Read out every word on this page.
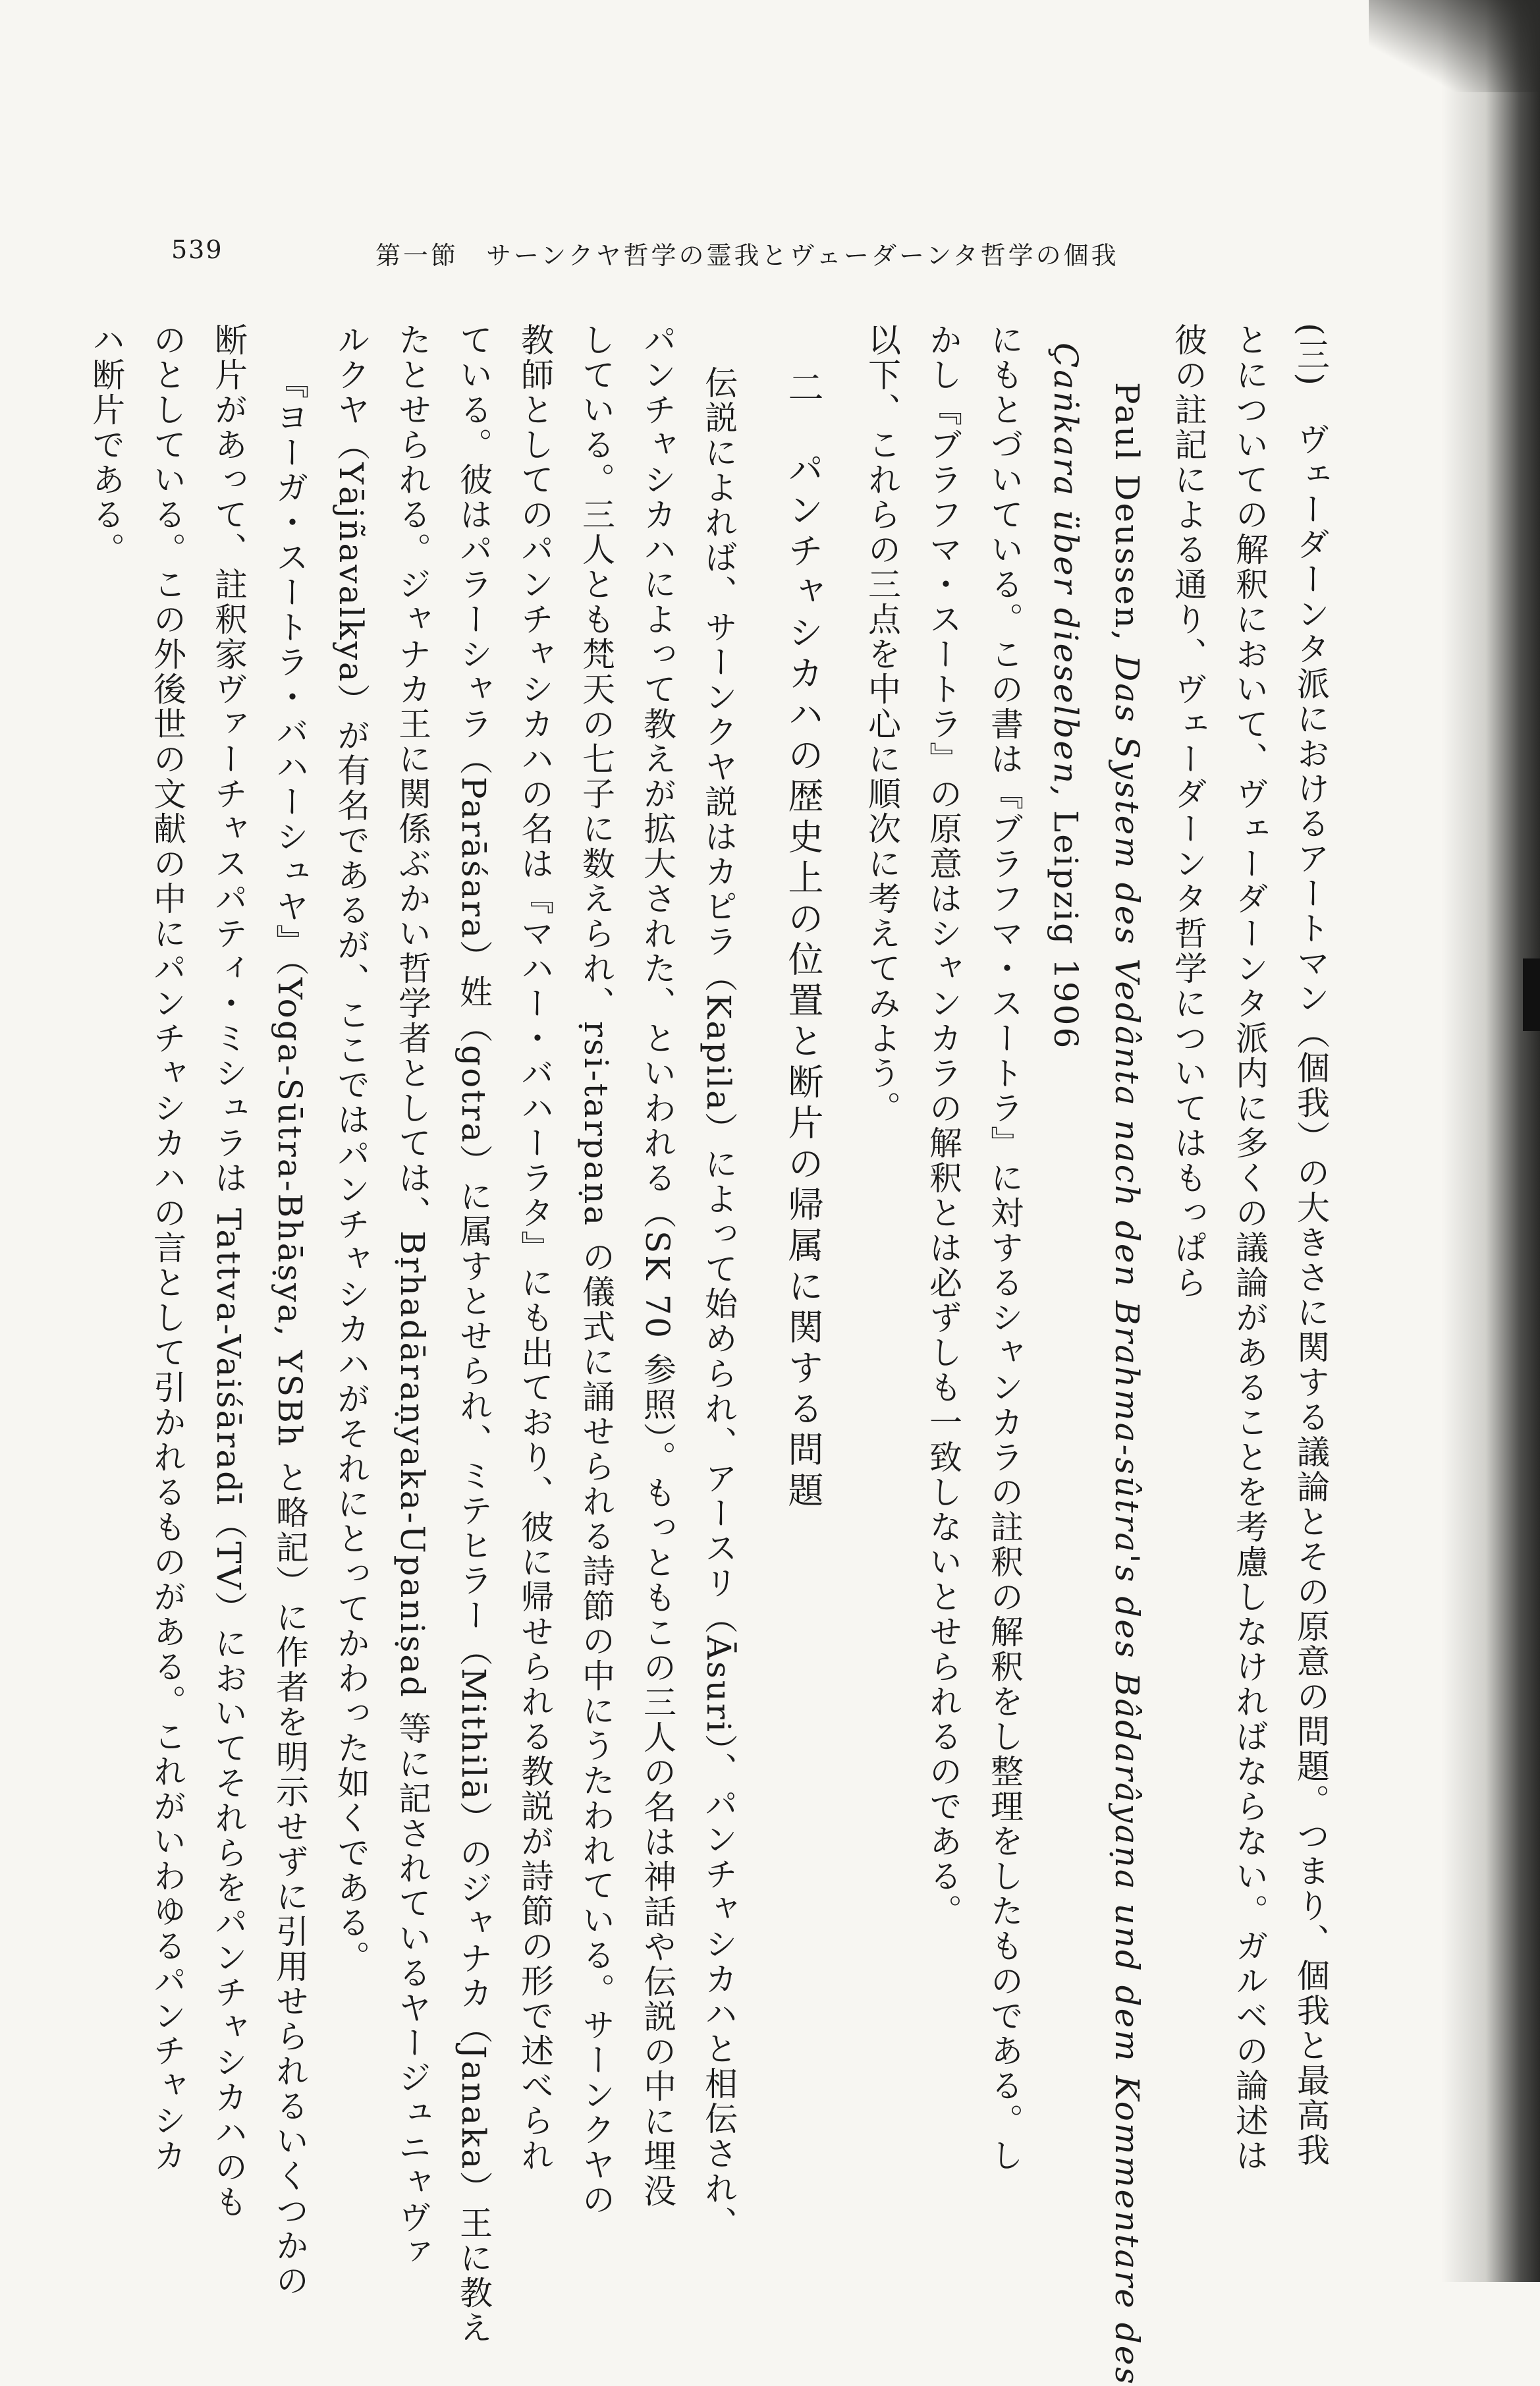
539	第一節　サーンクヤ哲学の霊我とヴェーダーンタ哲学の個我
(三)　ヴェーダーンタ派におけるアートマン（個我）の大きさに関する議論とその原意の問題。つまり、個我と最高我
とについての解釈において、ヴェーダーンタ派内に多くの議論があることを考慮しなければならない。ガルベの論述は
彼の註記による通り、ヴェーダーンタ哲学についてはもっぱら
Paul Deussen, Das System des Vedânta nach den Brahma-sûtra's des Bâdarâyaṇa und dem Kommentare des
Çaṅkara über dieselben, Leipzig 1906
にもとづいている。この書は『ブラフマ・スートラ』に対するシャンカラの註釈の解釈をし整理をしたものである。し
かし『ブラフマ・スートラ』の原意はシャンカラの解釈とは必ずしも一致しないとせられるのである。
以下、これらの三点を中心に順次に考えてみよう。
二　パンチャシカハの歴史上の位置と断片の帰属に関する問題
伝説によれば、サーンクヤ説はカピラ（Kapila）によって始められ、アースリ（Āsuri）、パンチャシカハと相伝され、
パンチャシカハによって教えが拡大された、といわれる（SK 70 参照）。もっともこの三人の名は神話や伝説の中に埋没
している。三人とも梵天の七子に数えられ、ṛsi-tarpaṇa の儀式に誦せられる詩節の中にうたわれている。サーンクヤの
教師としてのパンチャシカハの名は『マハー・バハーラタ』にも出ており、彼に帰せられる教説が詩節の形で述べられ
ている。彼はパラーシャラ（Parāśara）姓（gotra）に属すとせられ、ミテヒラー（Mithilā）のジャナカ（Janaka）王に教え
たとせられる。ジャナカ王に関係ぶかい哲学者としては、Bṛhadāraṇyaka-Upaniṣad 等に記されているヤージュニャヴァ
ルクヤ（Yājñavalkya）が有名であるが、ここではパンチャシカハがそれにとってかわった如くである。
『ヨーガ・スートラ・バハーシュヤ』（Yoga-Sūtra-Bhāṣya, YSBh と略記）に作者を明示せずに引用せられるいくつかの
断片があって、註釈家ヴァーチャスパティ・ミシュラは Tattva-Vaiśāradī（TV）においてそれらをパンチャシカハのも
のとしている。この外後世の文献の中にパンチャシカハの言として引かれるものがある。これがいわゆるパンチャシカ
ハ断片である。
